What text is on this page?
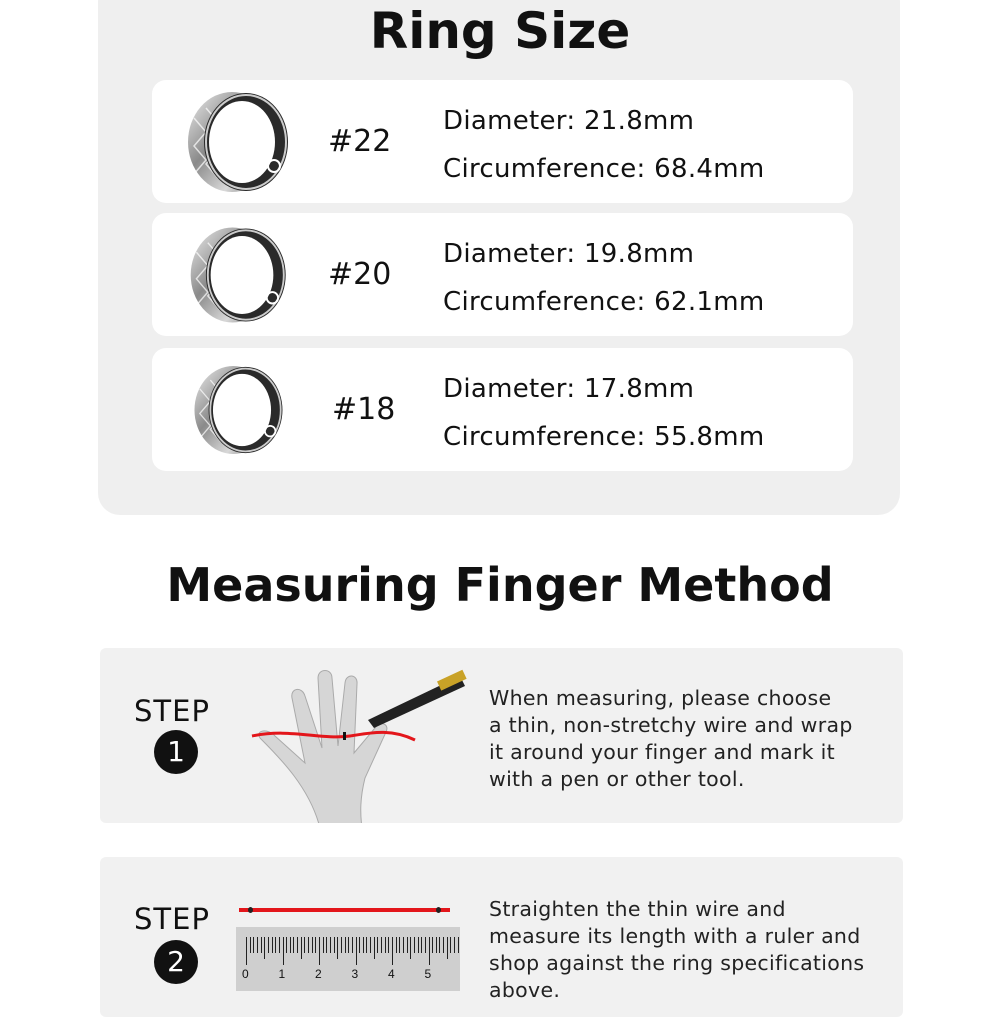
Ring Size
#22
Diameter: 21.8mm
Circumference: 68.4mm
#20
Diameter: 19.8mm
Circumference: 62.1mm
#18
Diameter: 17.8mm
Circumference: 55.8mm
Measuring Finger Method
STEP
1
When measuring, please choose
a thin, non-stretchy wire and wrap
it around your finger and mark it
with a pen or other tool.
STEP
2	0 1 2 3 4 5
Straighten the thin wire and
measure its length with a ruler and
shop against the ring specifications
above.
